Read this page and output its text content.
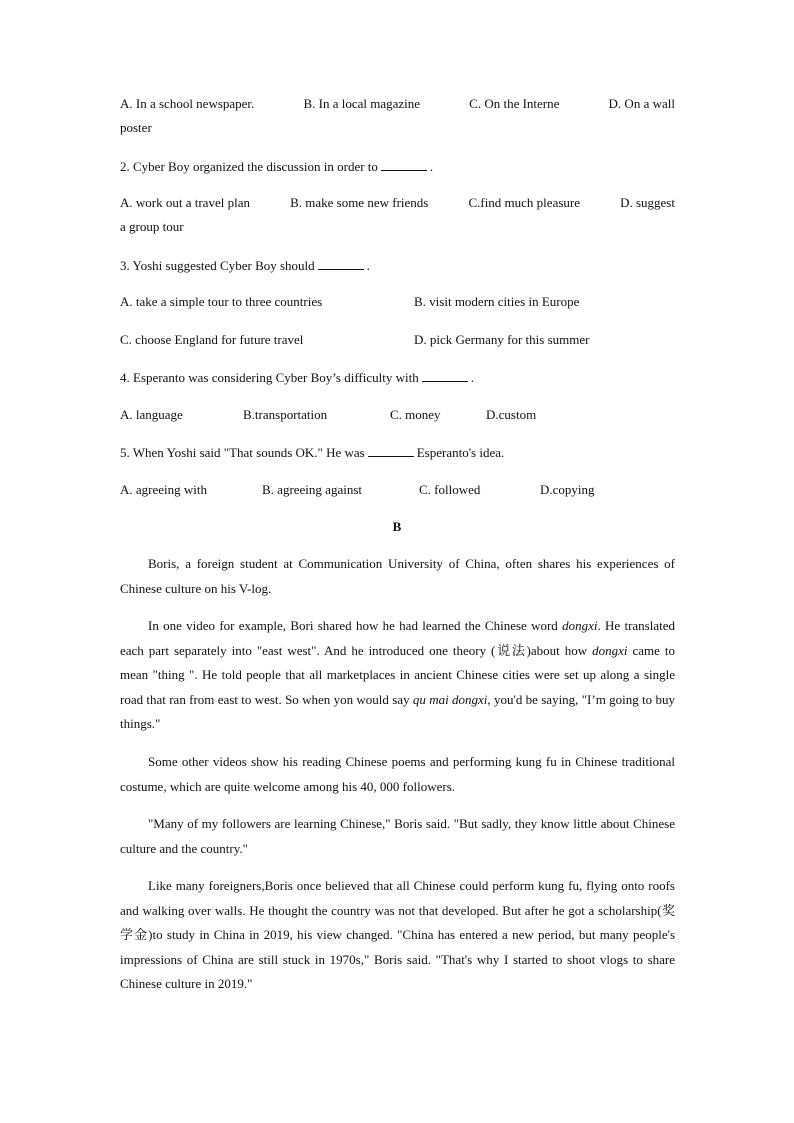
A. In a school newspaper.	B. In a local magazine	C. On the Interne	D. On a wall
poster
2. Cyber Boy organized the discussion in order to	.
A. work out a travel plan	B. make some new friends	C.find much pleasure	D. suggest
a group tour
3. Yoshi suggested Cyber Boy should	.
A. take a simple tour to three countries	B. visit modern cities in Europe
C. choose England for future travel	D. pick Germany for this summer
4. Esperanto was considering Cyber Boy’s difficulty with	.
A. language	B.transportation	C. money	D.custom
5. When Yoshi said "That sounds OK." He was	Esperanto's idea.
A. agreeing with	B. agreeing against	C. followed	D.copying
B
Boris, a foreign student at Communication University of China, often shares his experiences of Chinese culture on his V-log.
In one video for example, Bori shared how he had learned the Chinese word dongxi. He translated each part separately into "east west". And he introduced one theory (说法)about how dongxi came to mean "thing ". He told people that all marketplaces in ancient Chinese cities were set up along a single road that ran from east to west. So when yon would say qu mai dongxi, you'd be saying, "I’m going to buy things."
Some other videos show his reading Chinese poems and performing kung fu in Chinese traditional costume, which are quite welcome among his 40, 000 followers.
"Many of my followers are learning Chinese," Boris said. "But sadly, they know little about Chinese culture and the country."
Like many foreigners,Boris once believed that all Chinese could perform kung fu, flying onto roofs and walking over walls. He thought the country was not that developed. But after he got a scholarship(奖学金)to study in China in 2019, his view changed. "China has entered a new period, but many people's impressions of China are still stuck in 1970s," Boris said. "That's why I started to shoot vlogs to share Chinese culture in 2019."
